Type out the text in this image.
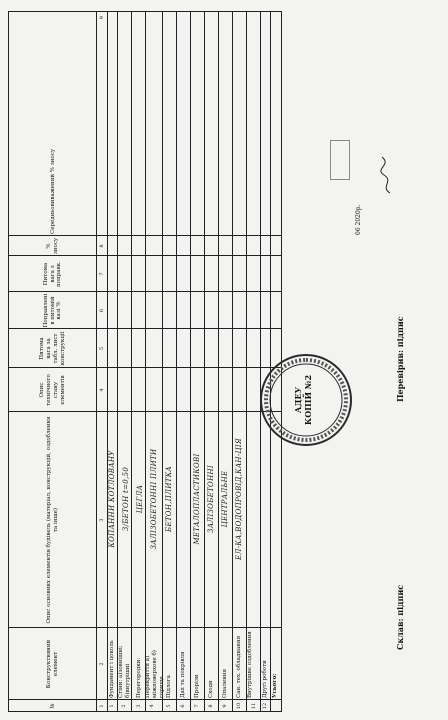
№
Конструктивний елемент
Опис основних елементів будівель (матеріал, конструкцій, оздоблення та інше)
Опис технічного стану елементів
Питома вага за табл. лист конструкції
Поправлені в питомій вазі %
Питома вага з поправк.
% зносу
Середньовиважений % зносу
1
2
3
4
5
6
7
8
9
1
Фундамент і цоколь
КОПАННИ КОТЛОВАНУ
2
Стіни: а)зовнішні; б)внутрішні
З/БЕТОН t=0,50
3
Перегородки:
ЦЕГЛА
4
Перекриття а) міжповерхове б) горище
ЗАЛІЗОБЕТОННІ ПЛИТИ
5
Підлога
БЕТОН,ПЛИТКА
6
Дах та покрівля
7
Прорізи
МЕТАЛОПЛАСТИКОВІ
8
Сходи
ЗАЛІЗОБЕТОННІ
9
Опалення
ЦЕНТРАЛЬНЕ
10
Сан. тех. обладнання
ЕЛ-КА,ВОДОПРОВІД,КАН-ЦІЯ
11
Внутрішнє оздоблення
12
Другі роботи Усього:
Склав: підпис
Перевірив: підпис
АДЕУ КОПІЙ №2
06 2020р.
